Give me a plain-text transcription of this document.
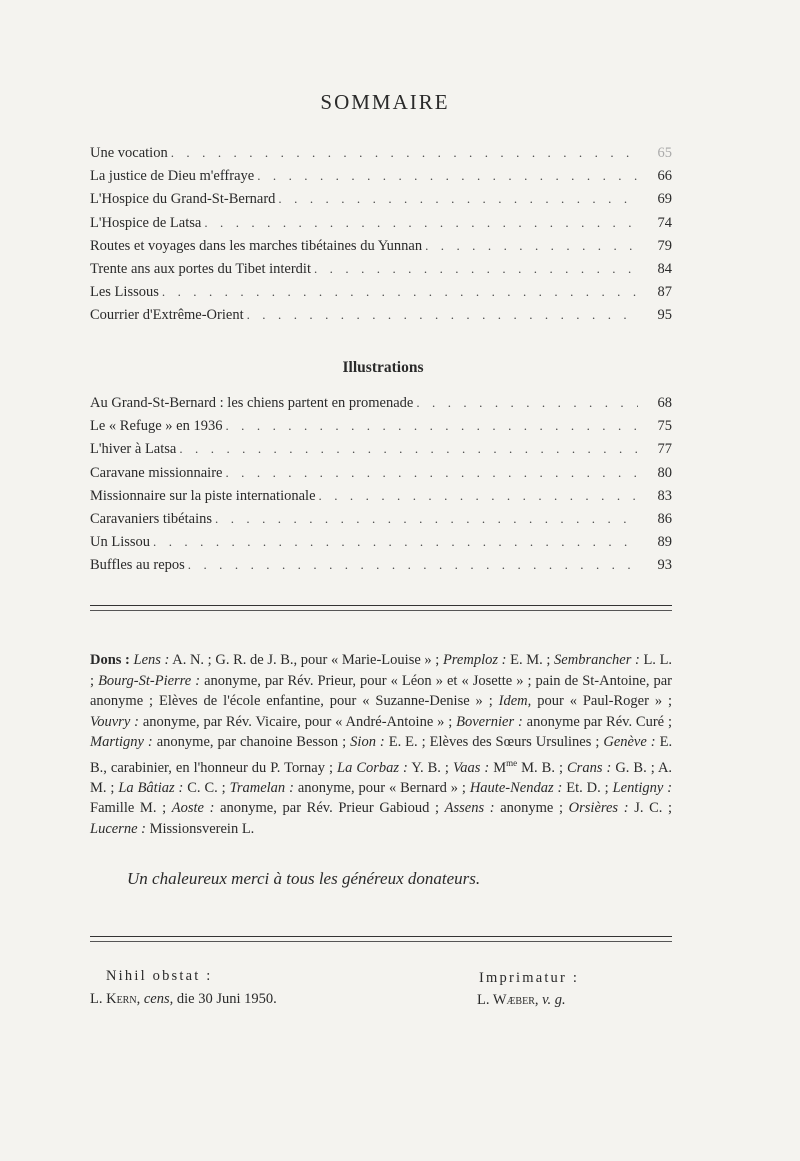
SOMMAIRE
Une vocation . . .	65
La justice de Dieu m'effraye . . .	66
L'Hospice du Grand-St-Bernard . . .	69
L'Hospice de Latsa . . .	74
Routes et voyages dans les marches tibétaines du Yunnan . . .	79
Trente ans aux portes du Tibet interdit . . .	84
Les Lissous . . .	87
Courrier d'Extrême-Orient . . .	95
Illustrations
Au Grand-St-Bernard : les chiens partent en promenade . . .	68
Le « Refuge » en 1936 . . .	75
L'hiver à Latsa . . .	77
Caravane missionnaire . . .	80
Missionnaire sur la piste internationale . . .	83
Caravaniers tibétains . . .	86
Un Lissou . . .	89
Buffles au repos . . .	93
Dons : Lens : A. N. ; G. R. de J. B., pour « Marie-Louise » ; Premploz : E. M. ; Sembrancher : L. L. ; Bourg-St-Pierre : anonyme, par Rév. Prieur, pour « Léon » et « Josette » ; pain de St-Antoine, par anonyme ; Elèves de l'école enfantine, pour « Suzanne-Denise » ; Idem, pour « Paul-Roger » ; Vouvry : anonyme, par Rév. Vicaire, pour « André-Antoine » ; Bovernier : anonyme par Rév. Curé ; Martigny : anonyme, par chanoine Besson ; Sion : E. E. ; Elèves des Sœurs Ursulines ; Genève : E. B., carabinier, en l'honneur du P. Tornay ; La Corbaz : Y. B. ; Vaas : $M^{me}$ M. B. ; Crans : G. B. ; A. M. ; La Bâtiaz : C. C. ; Tramelan : anonyme, pour « Bernard » ; Haute-Nendaz : Et. D. ; Lentigny : Famille M. ; Aoste : anonyme, par Rév. Prieur Gabioud ; Assens : anonyme ; Orsières : J. C. ; Lucerne : Missionsverein L.
Un chaleureux merci à tous les généreux donateurs.
Nihil obstat :
L. Kern, cens, die 30 Juni 1950.
Imprimatur :
L. Wæber, v. g.
